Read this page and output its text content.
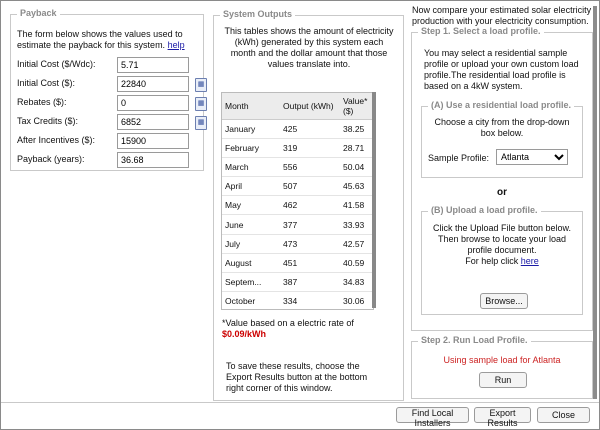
Payback
The form below shows the values used to estimate the payback for this system. help
Initial Cost ($/Wdc):
5.71
Initial Cost ($):
22840	▦
Rebates ($):
0	▦
Tax Credits ($):
6852	▦
After Incentives ($):
15900
Payback (years):
36.68
System Outputs
This tables shows the amount of electricity (kWh) generated by this system each month and the dollar amount that those values translate into.
Month	Output (kWh)	Value* ($)
January	425	38.25
February	319	28.71
March	556	50.04
April	507	45.63
May	462	41.58
June	377	33.93
July	473	42.57
August	451	40.59
Septem...	387	34.83
October	334	30.06

*Value based on a electric rate of
$0.09/kWh
To save these results, choose the Export Results button at the bottom right corner of this window.
Now compare your estimated solar electricity production with your electricity consumption.
Step 1. Select a load profile.
You may select a residential sample profile or upload your own custom load profile.The residential load profile is based on a 4kW system.
(A) Use a residential load profile.
Choose a city from the drop-down box below.
Sample Profile:
Atlanta
or
(B) Upload a load profile.
Click the Upload File button below. Then browse to locate your load profile document.
For help click here
Browse...
Step 2. Run Load Profile.
Using sample load for Atlanta
Run
Find Local Installers
Export Results
Close
